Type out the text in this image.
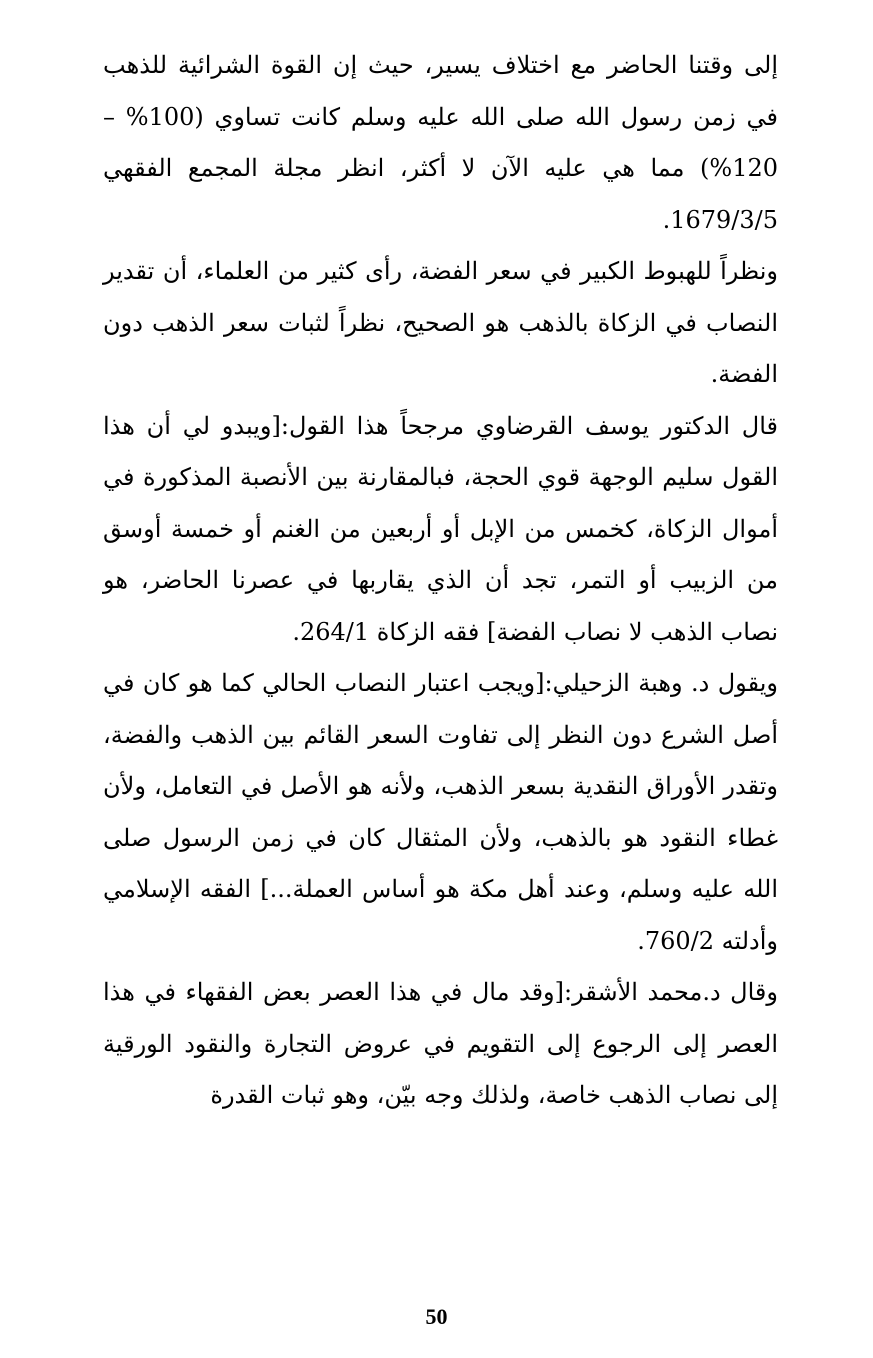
إلى وقتنا الحاضر مع اختلاف يسير، حيث إن القوة الشرائية للذهب في زمن رسول الله صلى الله عليه وسلم كانت تساوي (100% – 120%) مما هي عليه الآن لا أكثر، انظر مجلة المجمع الفقهي 1679/3/5.

ونظراً للهبوط الكبير في سعر الفضة، رأى كثير من العلماء، أن تقدير النصاب في الزكاة بالذهب هو الصحيح، نظراً لثبات سعر الذهب دون الفضة.

قال الدكتور يوسف القرضاوي مرجحاً هذا القول:[ويبدو لي أن هذا القول سليم الوجهة قوي الحجة، فبالمقارنة بين الأنصبة المذكورة في أموال الزكاة، كخمس من الإبل أو أربعين من الغنم أو خمسة أوسق من الزبيب أو التمر، تجد أن الذي يقاربها في عصرنا الحاضر، هو نصاب الذهب لا نصاب الفضة] فقه الزكاة 264/1.

ويقول د. وهبة الزحيلي:[ويجب اعتبار النصاب الحالي كما هو كان في أصل الشرع دون النظر إلى تفاوت السعر القائم بين الذهب والفضة، وتقدر الأوراق النقدية بسعر الذهب، ولأنه هو الأصل في التعامل، ولأن غطاء النقود هو بالذهب، ولأن المثقال كان في زمن الرسول صلى الله عليه وسلم، وعند أهل مكة هو أساس العملة...] الفقه الإسلامي وأدلته 760/2.

وقال د.محمد الأشقر:[وقد مال في هذا العصر بعض الفقهاء في هذا العصر إلى الرجوع إلى التقويم في عروض التجارة والنقود الورقية إلى نصاب الذهب خاصة، ولذلك وجه بيّن، وهو ثبات القدرة

50
